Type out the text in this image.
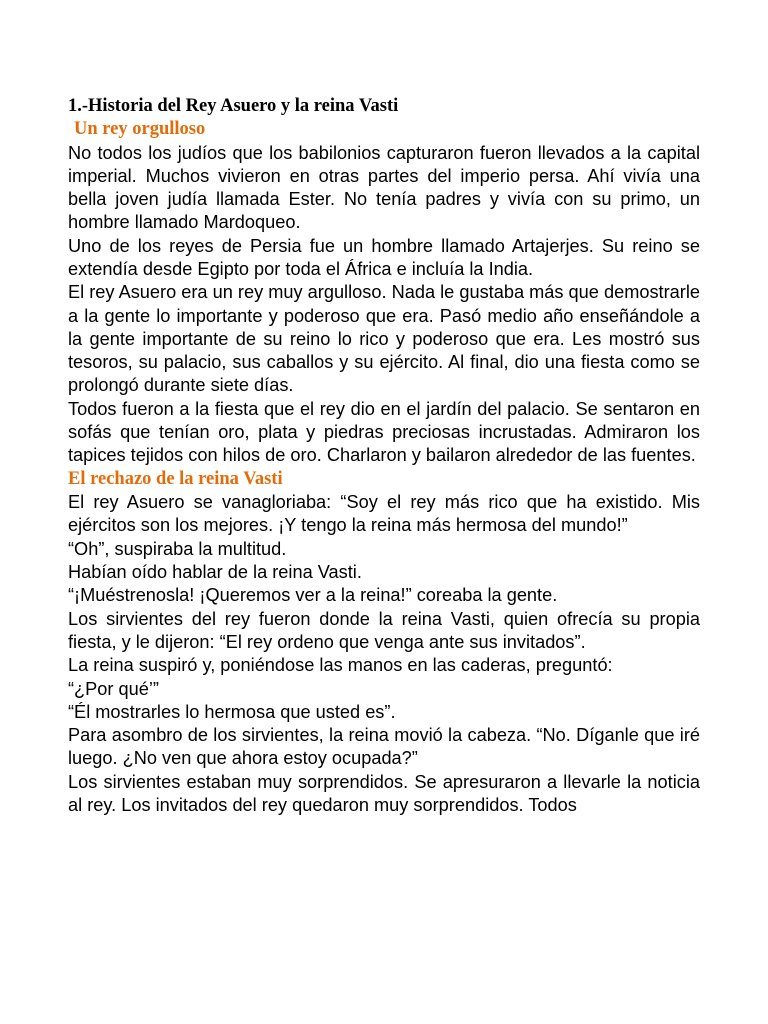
1.-Historia del Rey Asuero y la reina Vasti
Un rey orgulloso

No todos los judíos que los babilonios capturaron fueron llevados a la capital imperial. Muchos vivieron en otras partes del imperio persa. Ahí vivía una bella joven judía llamada Ester. No tenía padres y vivía con su primo, un hombre llamado Mardoqueo.

Uno de los reyes de Persia fue un hombre llamado Artajerjes. Su reino se extendía desde Egipto por toda el África e incluía la India.

El rey Asuero era un rey muy argulloso. Nada le gustaba más que demostrarle a la gente lo importante y poderoso que era. Pasó medio año enseñándole a la gente importante de su reino lo rico y poderoso que era. Les mostró sus tesoros, su palacio, sus caballos y su ejército. Al final, dio una fiesta como se prolongó durante siete días.

Todos fueron a la fiesta que el rey dio en el jardín del palacio. Se sentaron en sofás que tenían oro, plata y piedras preciosas incrustadas. Admiraron los tapices tejidos con hilos de oro. Charlaron y bailaron alrededor de las fuentes.

El rechazo de la reina Vasti

El rey Asuero se vanagloriaba: “Soy el rey más rico que ha existido. Mis ejércitos son los mejores. ¡Y tengo la reina más hermosa del mundo!”

“Oh”, suspiraba la multitud.

Habían oído hablar de la reina Vasti.

“¡Muéstrenosla! ¡Queremos ver a la reina!” coreaba la gente.

Los sirvientes del rey fueron donde la reina Vasti, quien ofrecía su propia fiesta, y le dijeron: “El rey ordeno que venga ante sus invitados”.

La reina suspiró y, poniéndose las manos en las caderas, preguntó:

“¿Por qué’”

“Él mostrarles lo hermosa que usted es”.

Para asombro de los sirvientes, la reina movió la cabeza. “No. Díganle que iré luego. ¿No ven que ahora estoy ocupada?”

Los sirvientes estaban muy sorprendidos. Se apresuraron a llevarle la noticia al rey. Los invitados del rey quedaron muy sorprendidos. Todos
